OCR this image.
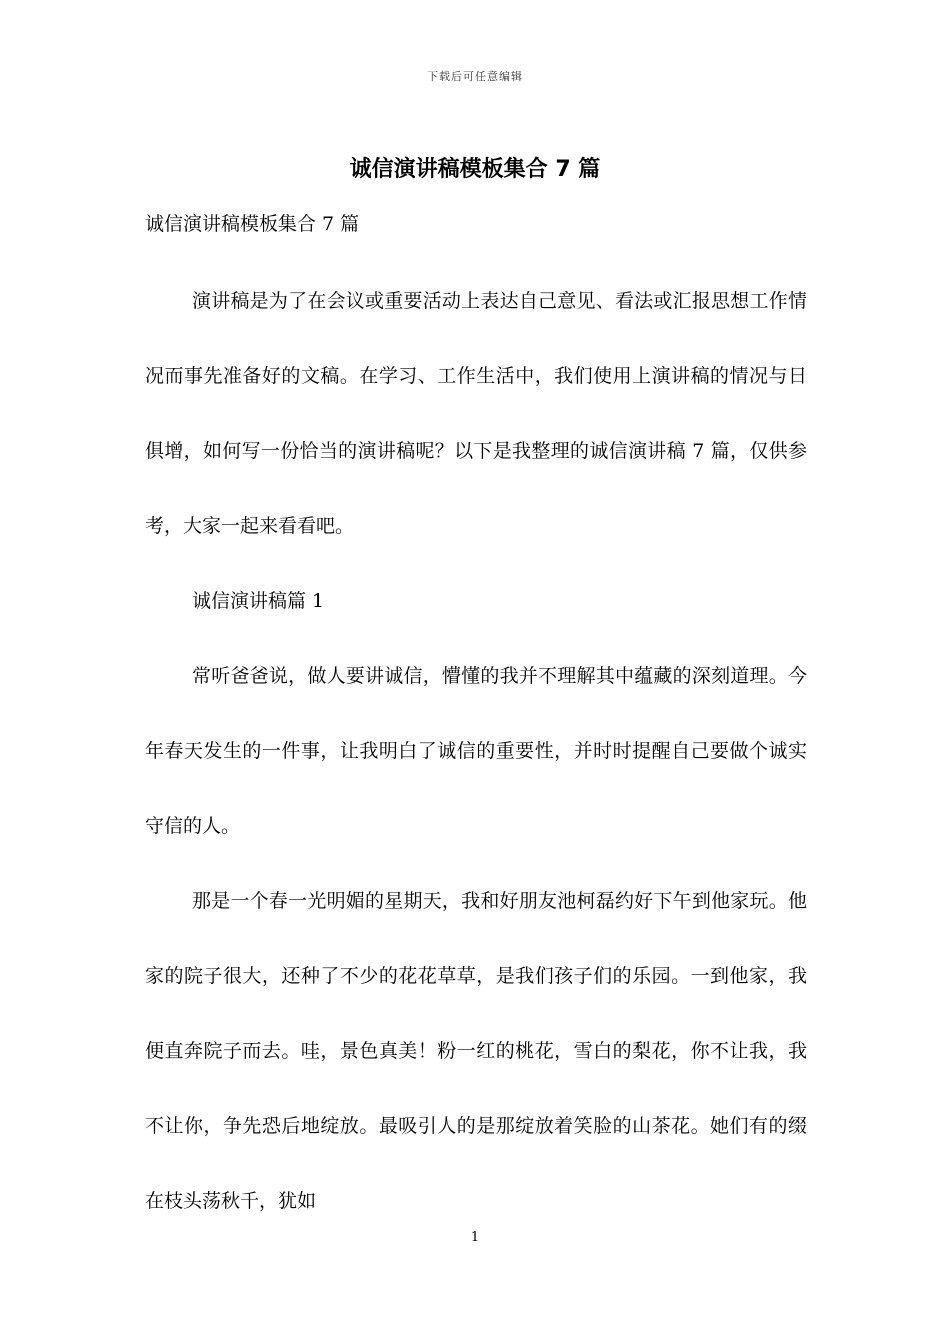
下载后可任意编辑
诚信演讲稿模板集合 7 篇
诚信演讲稿模板集合 7 篇

演讲稿是为了在会议或重要活动上表达自己意见、看法或汇报思想工作情况而事先准备好的文稿。在学习、工作生活中，我们使用上演讲稿的情况与日俱增，如何写一份恰当的演讲稿呢？以下是我整理的诚信演讲稿 7 篇，仅供参考，大家一起来看看吧。

诚信演讲稿篇 1

常听爸爸说，做人要讲诚信，懵懂的我并不理解其中蕴藏的深刻道理。今年春天发生的一件事，让我明白了诚信的重要性，并时时提醒自己要做个诚实守信的人。

那是一个春一光明媚的星期天，我和好朋友池柯磊约好下午到他家玩。他家的院子很大，还种了不少的花花草草，是我们孩子们的乐园。一到他家，我便直奔院子而去。哇，景色真美！粉一红的桃花，雪白的梨花，你不让我，我不让你，争先恐后地绽放。最吸引人的是那绽放着笑脸的山茶花。她们有的缀在枝头荡秋千，犹如

1
